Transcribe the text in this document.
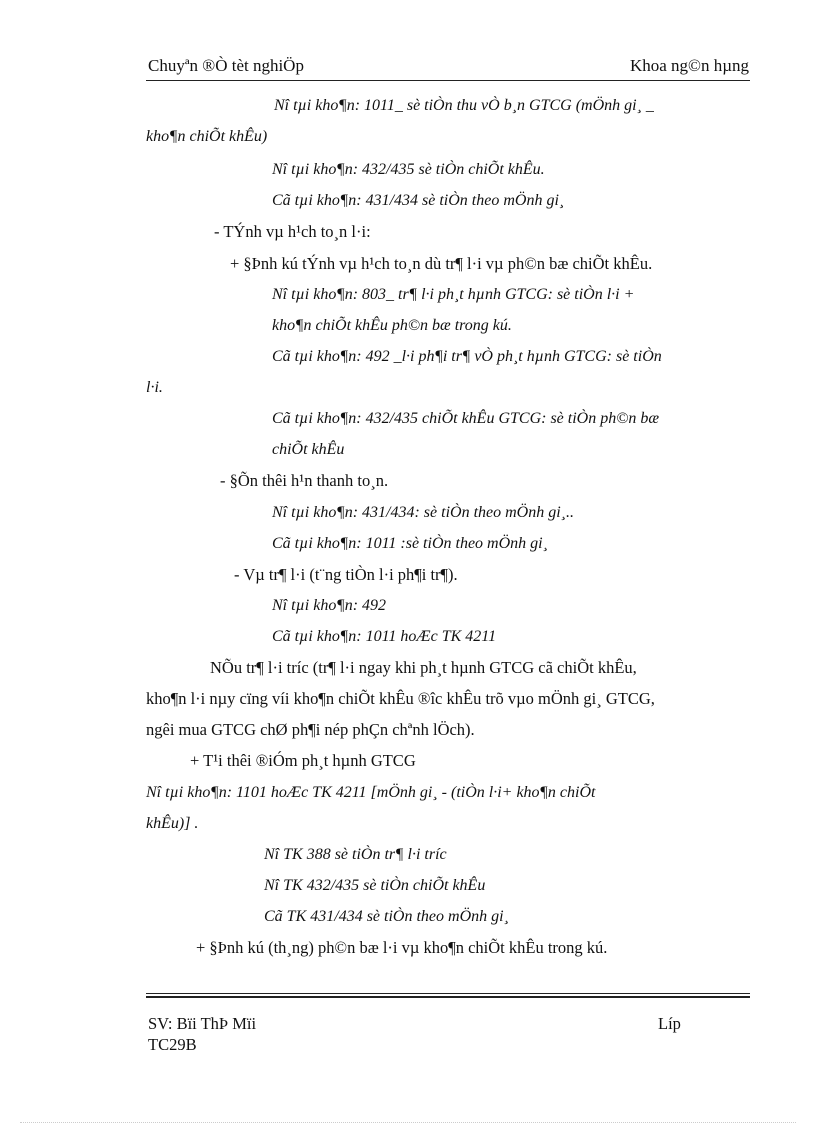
Chuyªn ®Ò tèt nghiÖp	Khoa ng©n hµng
Nî tµi kho¶n: 1011_ sè tiÒn thu vÒ b¸n GTCG (mÖnh gi¸ _
kho¶n chiÕt khÊu)
Nî tµi kho¶n: 432/435 sè tiÒn chiÕt khÊu.
Cã tµi kho¶n: 431/434 sè tiÒn theo mÖnh gi¸
- TÝnh vµ h¹ch to¸n l·i:
+ §Þnh kú tÝnh vµ h¹ch to¸n dù tr¶ l·i vµ ph©n bæ chiÕt khÊu.
Nî tµi kho¶n: 803_ tr¶ l·i ph¸t hµnh GTCG: sè tiÒn l·i +
kho¶n chiÕt khÊu ph©n bæ trong kú.
Cã tµi kho¶n: 492 _l·i ph¶i tr¶ vÒ ph¸t hµnh GTCG: sè tiÒn
l·i.
Cã tµi kho¶n: 432/435 chiÕt khÊu GTCG: sè tiÒn ph©n bæ
chiÕt khÊu
- §Õn thêi h¹n thanh to¸n.
Nî tµi kho¶n: 431/434: sè tiÒn theo mÖnh gi¸..
Cã tµi kho¶n: 1011 :sè tiÒn theo mÖnh gi¸
- Vµ tr¶ l·i (t¨ng tiÒn l·i ph¶i tr¶).
Nî tµi kho¶n: 492
Cã tµi kho¶n: 1011 hoÆc TK 4211
NÕu tr¶ l·i tríc (tr¶ l·i ngay khi ph¸t hµnh GTCG cã chiÕt khÊu,
kho¶n l·i nµy cïng víi kho¶n chiÕt khÊu ®îc khÊu trõ vµo mÖnh gi¸ GTCG,
ngêi mua GTCG chØ ph¶i nép phÇn chªnh lÖch).
+ T¹i thêi ®iÓm ph¸t hµnh GTCG
Nî tµi kho¶n: 1101 hoÆc TK 4211 [mÖnh gi¸ - (tiÒn l·i+ kho¶n chiÕt
khÊu)] .
Nî TK 388 sè tiÒn tr¶ l·i tríc
Nî TK 432/435 sè tiÒn chiÕt khÊu
Cã TK 431/434 sè tiÒn theo mÖnh gi¸
+ §Þnh kú (th¸ng) ph©n bæ l·i vµ kho¶n chiÕt khÊu trong kú.
SV: Bïi ThÞ Mïi	Líp
TC29B
